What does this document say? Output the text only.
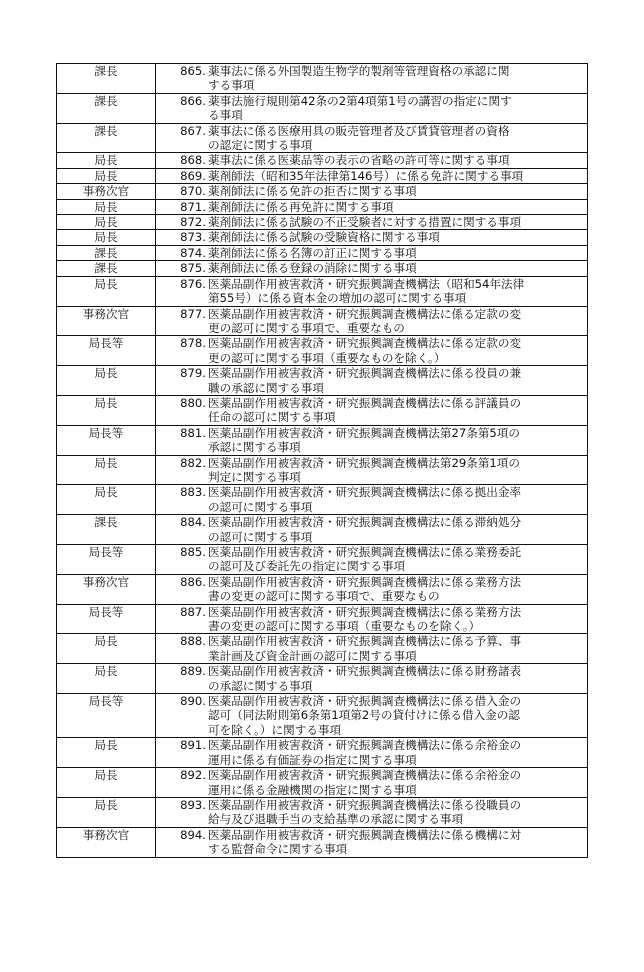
課長	865. 薬事法に係る外国製造生物学的製剤等管理資格の承認に関
する事項

課長	866. 薬事法施行規則第42条の2第4項第1号の講習の指定に関す
る事項

課長	867. 薬事法に係る医療用具の販売管理者及び賃貸管理者の資格
の認定に関する事項

局長	868. 薬事法に係る医薬品等の表示の省略の許可等に関する事項
局長	869. 薬剤師法（昭和35年法律第146号）に係る免許に関する事項
事務次官	870. 薬剤師法に係る免許の拒否に関する事項
局長	871. 薬剤師法に係る再免許に関する事項
局長	872. 薬剤師法に係る試験の不正受験者に対する措置に関する事項
局長	873. 薬剤師法に係る試験の受験資格に関する事項
課長	874. 薬剤師法に係る名簿の訂正に関する事項
課長	875. 薬剤師法に係る登録の消除に関する事項
局長	876. 医薬品副作用被害救済・研究振興調査機構法（昭和54年法律
第55号）に係る資本金の増加の認可に関する事項

事務次官	877. 医薬品副作用被害救済・研究振興調査機構法に係る定款の変
更の認可に関する事項で、重要なもの

局長等	878. 医薬品副作用被害救済・研究振興調査機構法に係る定款の変
更の認可に関する事項（重要なものを除く。）

局長	879. 医薬品副作用被害救済・研究振興調査機構法に係る役員の兼
職の承認に関する事項

局長	880. 医薬品副作用被害救済・研究振興調査機構法に係る評議員の
任命の認可に関する事項

局長等	881. 医薬品副作用被害救済・研究振興調査機構法第27条第5項の
承認に関する事項

局長	882. 医薬品副作用被害救済・研究振興調査機構法第29条第1項の
判定に関する事項

局長	883. 医薬品副作用被害救済・研究振興調査機構法に係る拠出金率
の認可に関する事項

課長	884. 医薬品副作用被害救済・研究振興調査機構法に係る滞納処分
の認可に関する事項

局長等	885. 医薬品副作用被害救済・研究振興調査機構法に係る業務委託
の認可及び委託先の指定に関する事項

事務次官	886. 医薬品副作用被害救済・研究振興調査機構法に係る業務方法
書の変更の認可に関する事項で、重要なもの

局長等	887. 医薬品副作用被害救済・研究振興調査機構法に係る業務方法
書の変更の認可に関する事項（重要なものを除く。）

局長	888. 医薬品副作用被害救済・研究振興調査機構法に係る予算、事
業計画及び資金計画の認可に関する事項

局長	889. 医薬品副作用被害救済・研究振興調査機構法に係る財務諸表
の承認に関する事項

局長等	890. 医薬品副作用被害救済・研究振興調査機構法に係る借入金の
認可（同法附則第6条第1項第2号の貸付けに係る借入金の認
可を除く。）に関する事項

局長	891. 医薬品副作用被害救済・研究振興調査機構法に係る余裕金の
運用に係る有価証券の指定に関する事項

局長	892. 医薬品副作用被害救済・研究振興調査機構法に係る余裕金の
運用に係る金融機関の指定に関する事項

局長	893. 医薬品副作用被害救済・研究振興調査機構法に係る役職員の
給与及び退職手当の支給基準の承認に関する事項

事務次官	894. 医薬品副作用被害救済・研究振興調査機構法に係る機構に対
する監督命令に関する事項
